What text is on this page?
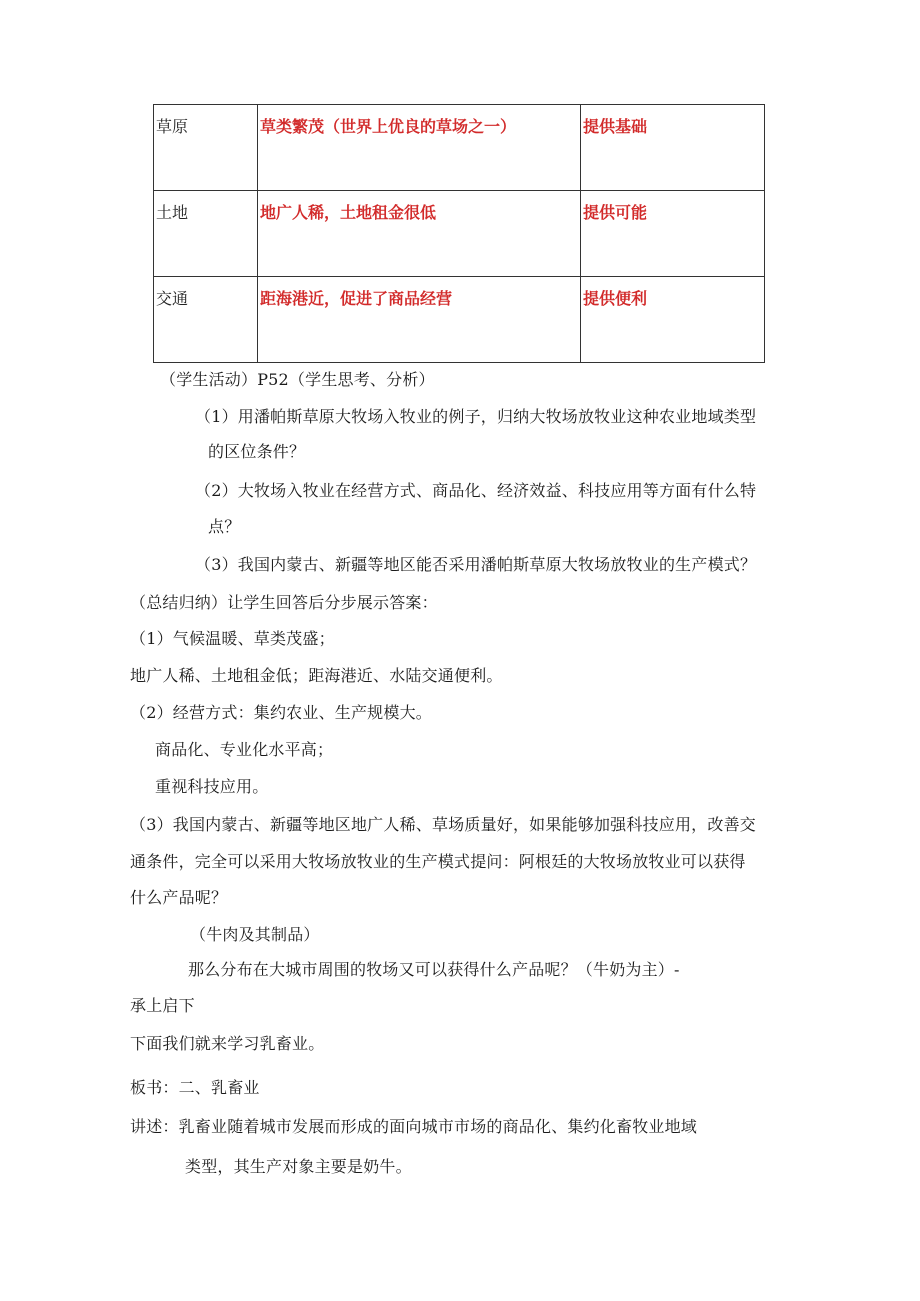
草原	草类繁茂（世界上优良的草场之一）	提供基础
土地	地广人稀，土地租金很低	提供可能
交通	距海港近，促进了商品经营	提供便利
（学生活动）P52（学生思考、分析）
（1）用潘帕斯草原大牧场入牧业的例子，归纳大牧场放牧业这种农业地域类型
的区位条件？
（2）大牧场入牧业在经营方式、商品化、经济效益、科技应用等方面有什么特
点？
（3）我国内蒙古、新疆等地区能否采用潘帕斯草原大牧场放牧业的生产模式？
（总结归纳）让学生回答后分步展示答案：
（1）气候温暖、草类茂盛；
地广人稀、土地租金低；距海港近、水陆交通便利。
（2）经营方式：集约农业、生产规模大。
商品化、专业化水平高；
重视科技应用。
（3）我国内蒙古、新疆等地区地广人稀、草场质量好，如果能够加强科技应用，改善交
通条件，完全可以采用大牧场放牧业的生产模式提问：阿根廷的大牧场放牧业可以获得
什么产品呢？
（牛肉及其制品）
那么分布在大城市周围的牧场又可以获得什么产品呢？（牛奶为主）-
承上启下
下面我们就来学习乳畜业。
板书：二、乳畜业
讲述：乳畜业随着城市发展而形成的面向城市市场的商品化、集约化畜牧业地域
类型，其生产对象主要是奶牛。
